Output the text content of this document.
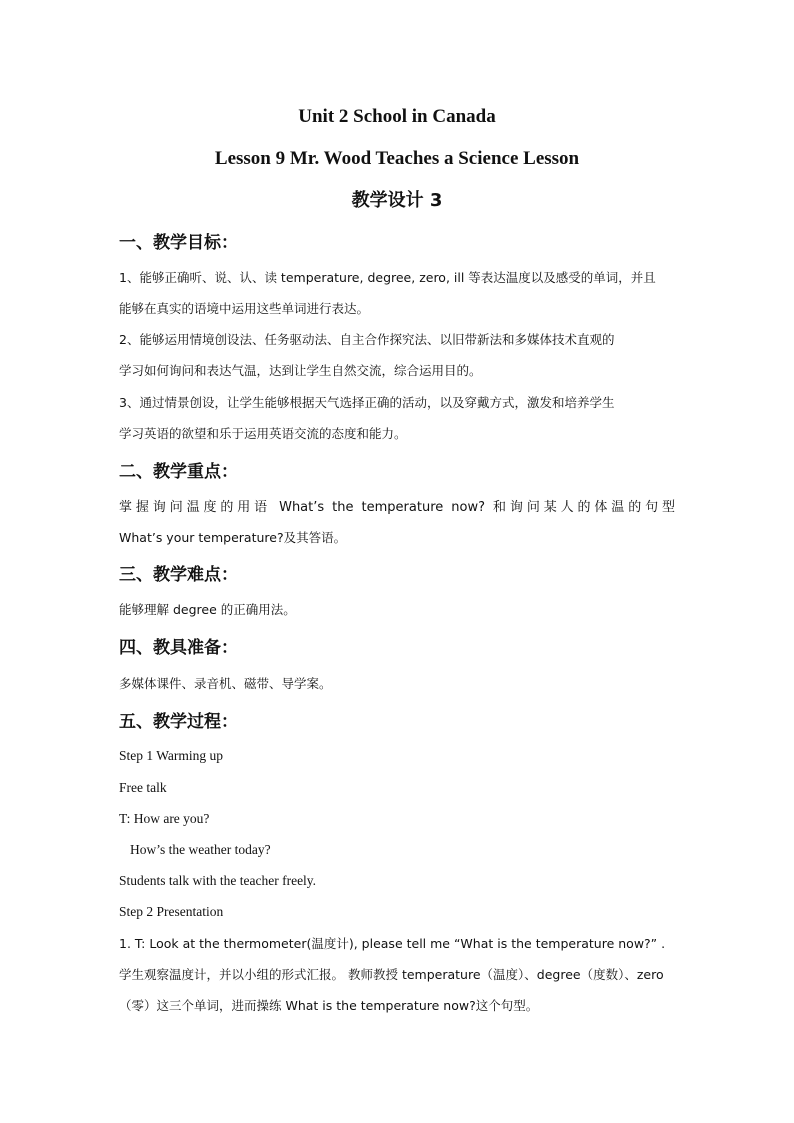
Unit 2 School in Canada
Lesson 9 Mr. Wood Teaches a Science Lesson
教学设计 3
一、教学目标：
1、能够正确听、说、认、读 temperature, degree, zero, ill 等表达温度以及感受的单词，并且
能够在真实的语境中运用这些单词进行表达。
2、能够运用情境创设法、任务驱动法、自主合作探究法、以旧带新法和多媒体技术直观的
学习如何询问和表达气温，达到让学生自然交流，综合运用目的。
3、通过情景创设，让学生能够根据天气选择正确的活动，以及穿戴方式，激发和培养学生
学习英语的欲望和乐于运用英语交流的态度和能力。
二、教学重点：
掌握询问温度的用语 What’s the temperature now? 和询问某人的体温的句型
What’s your temperature?及其答语。
三、教学难点：
能够理解 degree 的正确用法。
四、教具准备：
多媒体课件、录音机、磁带、导学案。
五、教学过程：
Step 1 Warming up
Free talk
T: How are you?
How’s the weather today?
Students talk with the teacher freely.
Step 2 Presentation
1. T: Look at the thermometer(温度计), please tell me “What is the temperature now?” .
学生观察温度计，并以小组的形式汇报。 教师教授 temperature（温度）、degree（度数）、zero
（零）这三个单词，进而操练 What is the temperature now?这个句型。
